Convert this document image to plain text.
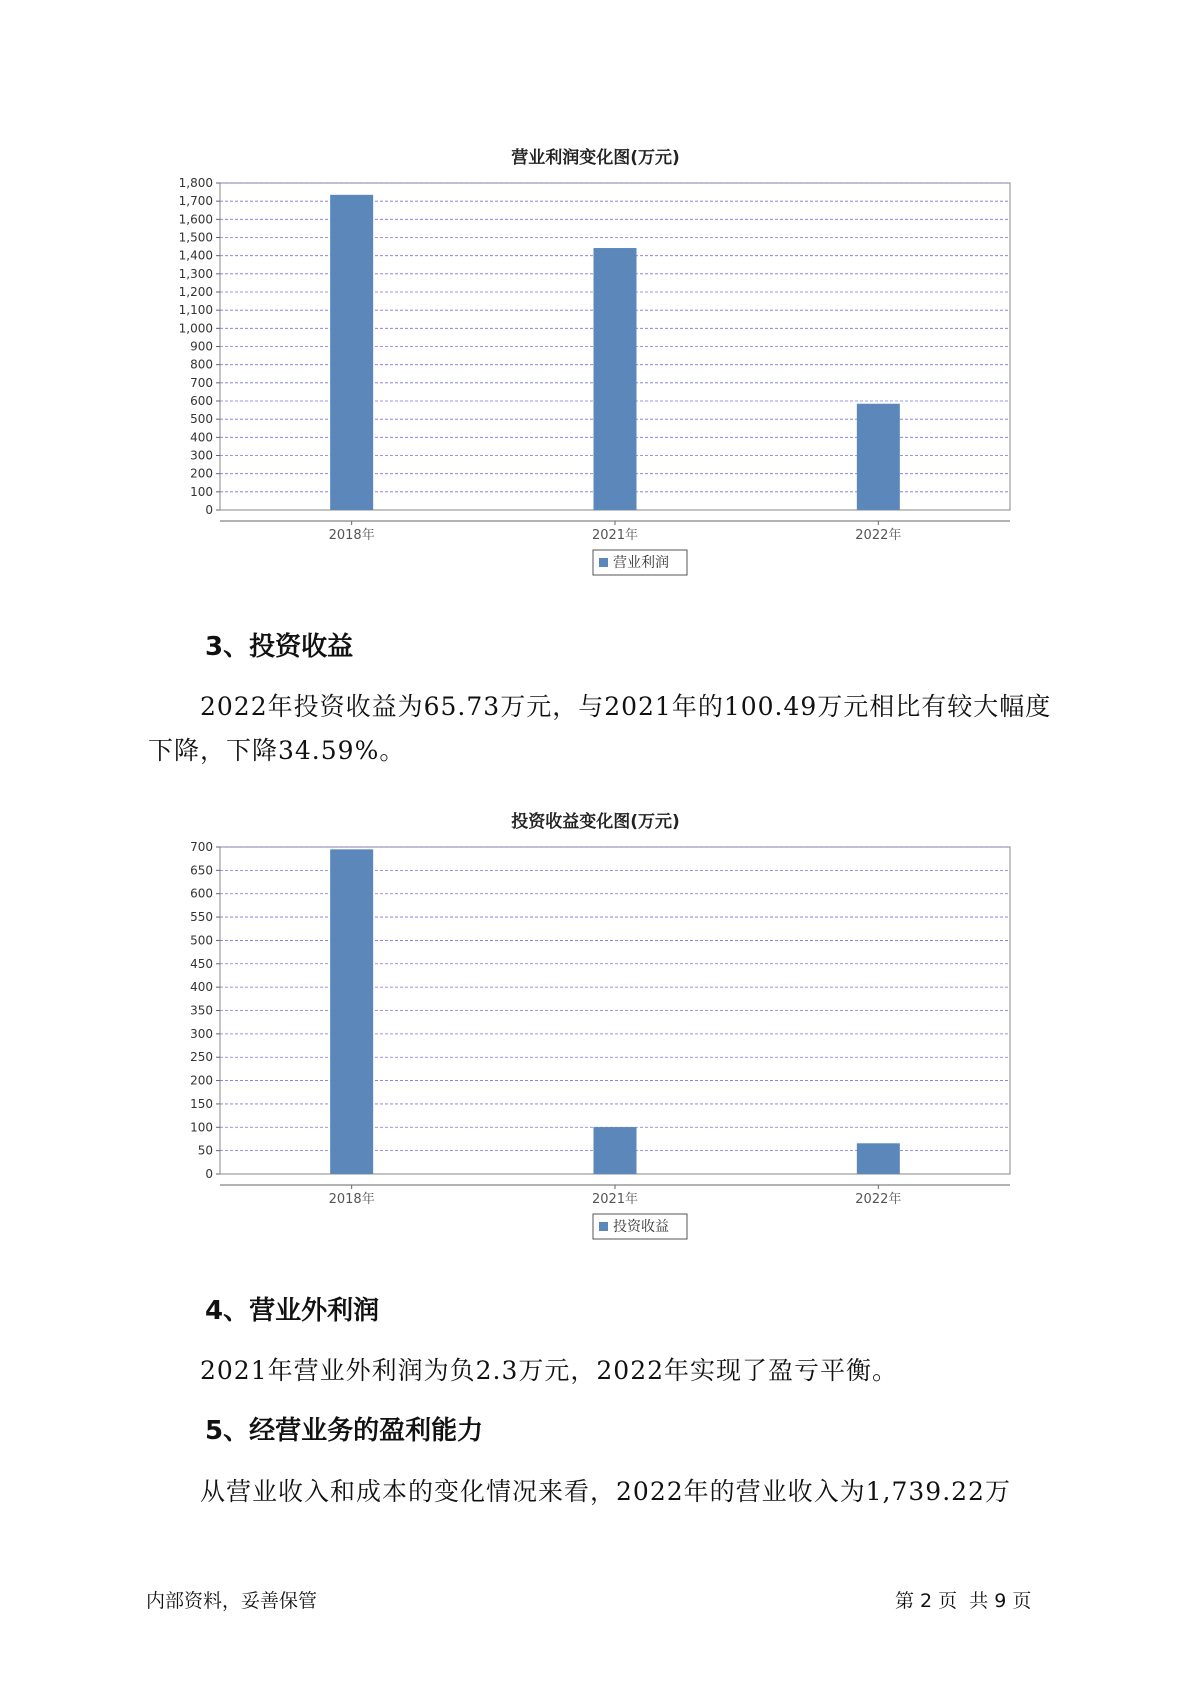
营业利润变化图(万元)
0
100
200
300
400
500
600
700
800
900
1,000
1,100
1,200
1,300
1,400
1,500
1,600
1,700
1,800
2018年	2021年	2022年
营业利润
3、投资收益
2022年投资收益为65.73万元，与2021年的100.49万元相比有较大幅度
下降，下降34.59%。
投资收益变化图(万元)
0
50
100
150
200
250
300
350
400
450
500
550
600
650
700
2018年	2021年	2022年
投资收益
4、营业外利润
2021年营业外利润为负2.3万元，2022年实现了盈亏平衡。
5、经营业务的盈利能力
从营业收入和成本的变化情况来看，2022年的营业收入为1,739.22万
内部资料，妥善保管	第 2 页  共 9 页
